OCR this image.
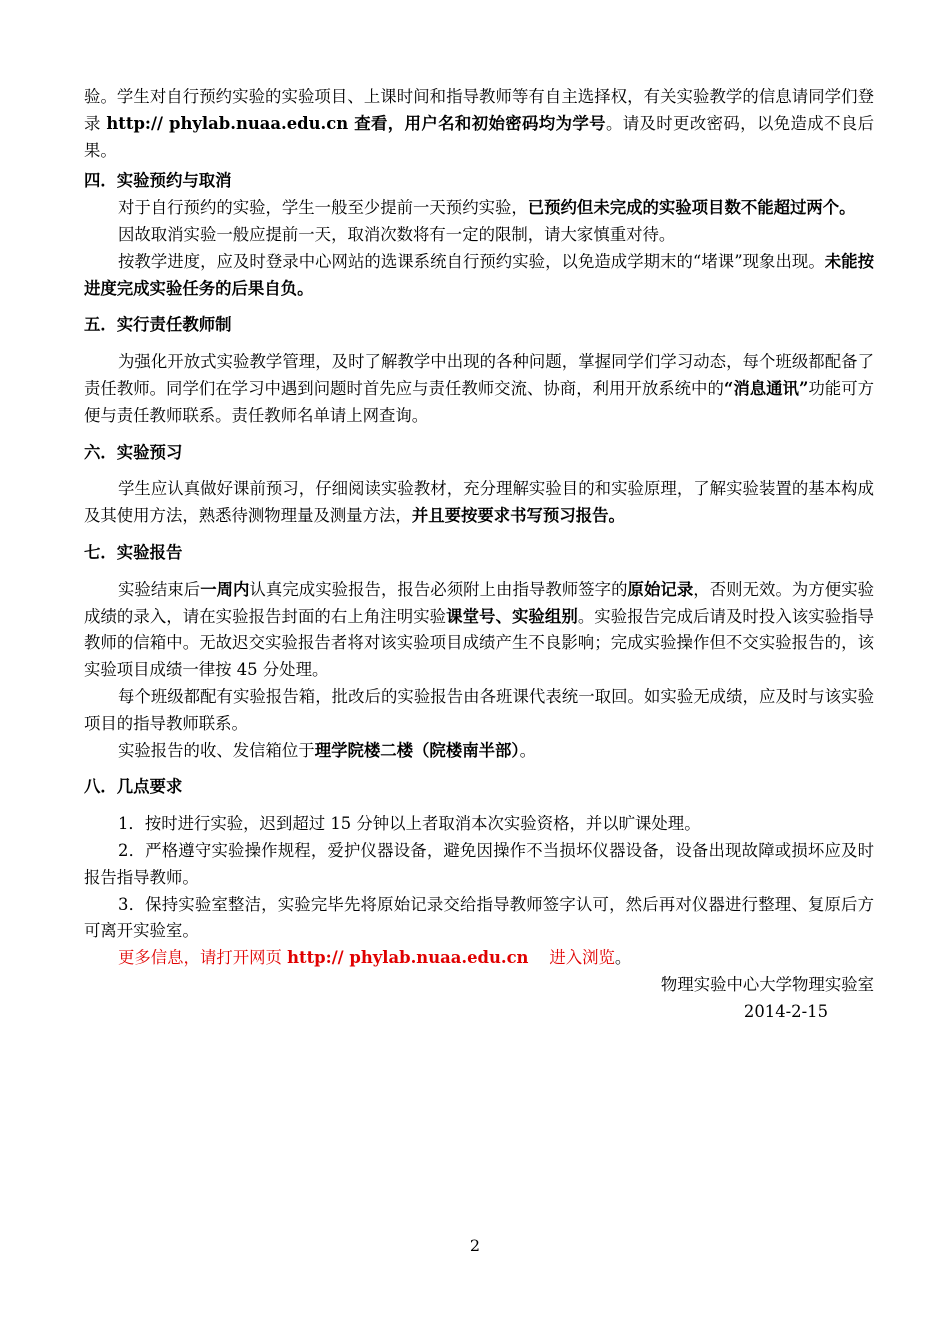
验。学生对自行预约实验的实验项目、上课时间和指导教师等有自主选择权，有关实验教学的信息请同学们登录 http:// phylab.nuaa.edu.cn 查看，用户名和初始密码均为学号。请及时更改密码，以免造成不良后果。

四．实验预约与取消

对于自行预约的实验，学生一般至少提前一天预约实验，已预约但未完成的实验项目数不能超过两个。

因故取消实验一般应提前一天，取消次数将有一定的限制，请大家慎重对待。

按教学进度，应及时登录中心网站的选课系统自行预约实验，以免造成学期末的“堵课”现象出现。未能按进度完成实验任务的后果自负。

五．实行责任教师制

为强化开放式实验教学管理，及时了解教学中出现的各种问题，掌握同学们学习动态，每个班级都配备了责任教师。同学们在学习中遇到问题时首先应与责任教师交流、协商，利用开放系统中的“消息通讯”功能可方便与责任教师联系。责任教师名单请上网查询。

六．实验预习

学生应认真做好课前预习，仔细阅读实验教材，充分理解实验目的和实验原理，了解实验装置的基本构成及其使用方法，熟悉待测物理量及测量方法，并且要按要求书写预习报告。

七．实验报告

实验结束后一周内认真完成实验报告，报告必须附上由指导教师签字的原始记录，否则无效。为方便实验成绩的录入，请在实验报告封面的右上角注明实验课堂号、实验组别。实验报告完成后请及时投入该实验指导教师的信箱中。无故迟交实验报告者将对该实验项目成绩产生不良影响；完成实验操作但不交实验报告的，该实验项目成绩一律按 45 分处理。

每个班级都配有实验报告箱，批改后的实验报告由各班课代表统一取回。如实验无成绩，应及时与该实验项目的指导教师联系。

实验报告的收、发信箱位于理学院楼二楼（院楼南半部）。

八．几点要求

1．按时进行实验，迟到超过 15 分钟以上者取消本次实验资格，并以旷课处理。

2．严格遵守实验操作规程，爱护仪器设备，避免因操作不当损坏仪器设备，设备出现故障或损坏应及时报告指导教师。

3．保持实验室整洁，实验完毕先将原始记录交给指导教师签字认可，然后再对仪器进行整理、复原后方可离开实验室。

更多信息，请打开网页 http:// phylab.nuaa.edu.cn    进入浏览。

物理实验中心大学物理实验室

2014-2-15

2
